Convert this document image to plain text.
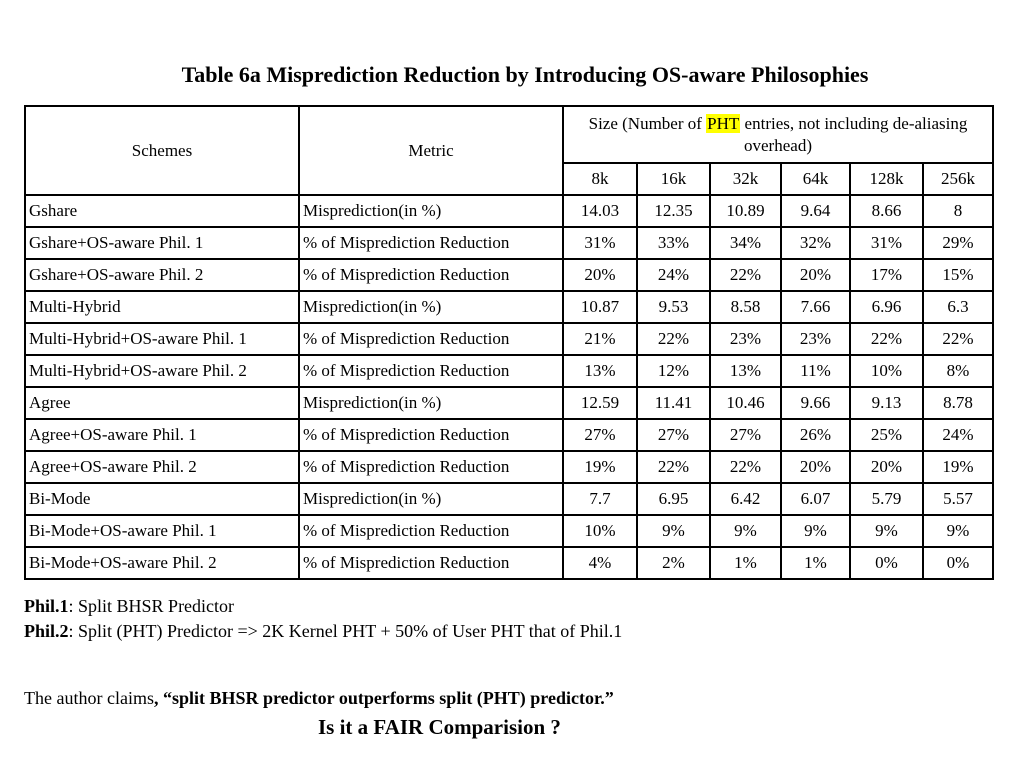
Table 6a Misprediction Reduction by Introducing OS-aware Philosophies
Schemes	Metric	Size (Number of PHT entries, not including de-aliasing overhead)					
		8k	16k	32k	64k	128k	256k
Gshare	Misprediction(in %)	14.03	12.35	10.89	9.64	8.66	8
Gshare+OS-aware Phil. 1	% of Misprediction Reduction	31%	33%	34%	32%	31%	29%
Gshare+OS-aware Phil. 2	% of Misprediction Reduction	20%	24%	22%	20%	17%	15%
Multi-Hybrid	Misprediction(in %)	10.87	9.53	8.58	7.66	6.96	6.3
Multi-Hybrid+OS-aware Phil. 1	% of Misprediction Reduction	21%	22%	23%	23%	22%	22%
Multi-Hybrid+OS-aware Phil. 2	% of Misprediction Reduction	13%	12%	13%	11%	10%	8%
Agree	Misprediction(in %)	12.59	11.41	10.46	9.66	9.13	8.78
Agree+OS-aware Phil. 1	% of Misprediction Reduction	27%	27%	27%	26%	25%	24%
Agree+OS-aware Phil. 2	% of Misprediction Reduction	19%	22%	22%	20%	20%	19%
Bi-Mode	Misprediction(in %)	7.7	6.95	6.42	6.07	5.79	5.57
Bi-Mode+OS-aware Phil. 1	% of Misprediction Reduction	10%	9%	9%	9%	9%	9%
Bi-Mode+OS-aware Phil. 2	% of Misprediction Reduction	4%	2%	1%	1%	0%	0%
Phil.1: Split BHSR Predictor
Phil.2: Split (PHT) Predictor => 2K Kernel PHT + 50% of User PHT that of Phil.1
The author claims, “split BHSR predictor outperforms split (PHT) predictor.”
Is it a FAIR Comparision ?
